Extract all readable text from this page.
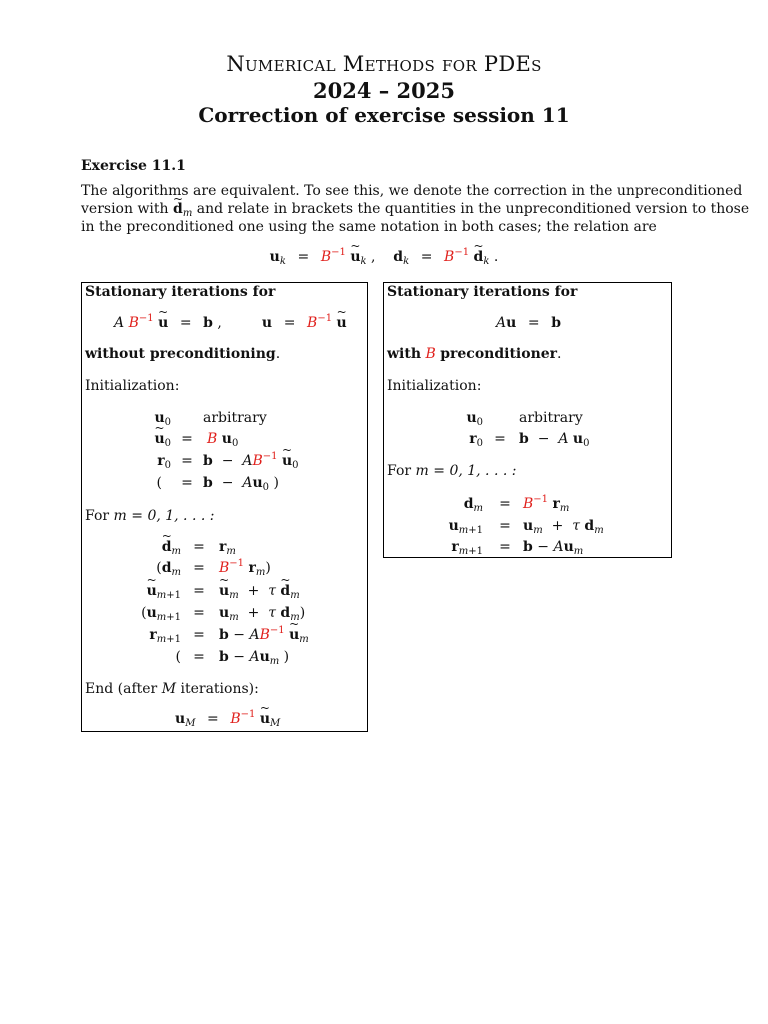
Numerical Methods for PDEs
2024 – 2025
Correction of exercise session 11
Exercise 11.1
The algorithms are equivalent. To see this, we denote the correction in the unpreconditioned
version with ~ $d_m$ and relate in brackets the quantities in the unpreconditioned version to those
in the preconditioned one using the same notation in both cases; the relation are
$u_k = B^{-1}$ ~ $u_k$ ,    $d_k = B^{-1}$ ~ $d_k$ .
Stationary iterations for
A $B^{-1}$ ~ u = b ,         $u = B^{-1}$ ~ u
without preconditioning.
Initialization:
$u_0$ arbitrary
~ $u_0 = B$ $u_0$
$r_0 = b - AB^{-1}$ ~ $u_0$
( = $b - Au_0$ )
For m = 0, 1, . . . :
~ $d_m = r_m$
($d_m = B^{-1}$ $r_m$)
~ $u_{m+1}$ = ~ $u_m + \tau$ ~ $d_m$
($u_{m+1} = u_m + \tau$ $d_m$)
$r_{m+1} = b - AB^{-1}$ ~ $u_m$
( = $b - Au_m$ )
End (after M iterations):
$u_M = B^{-1}$ ~ $u_M$
Stationary iterations for
Au = b
with B preconditioner.
Initialization:
$u_0$	arbitrary
$r_0 = b - A$ $u_0$
For m = 0, 1, . . . :
$d_m = B^{-1}$ $r_m$
$u_{m+1} = u_m + \tau$ $d_m$
$r_{m+1} = b - Au_m$
